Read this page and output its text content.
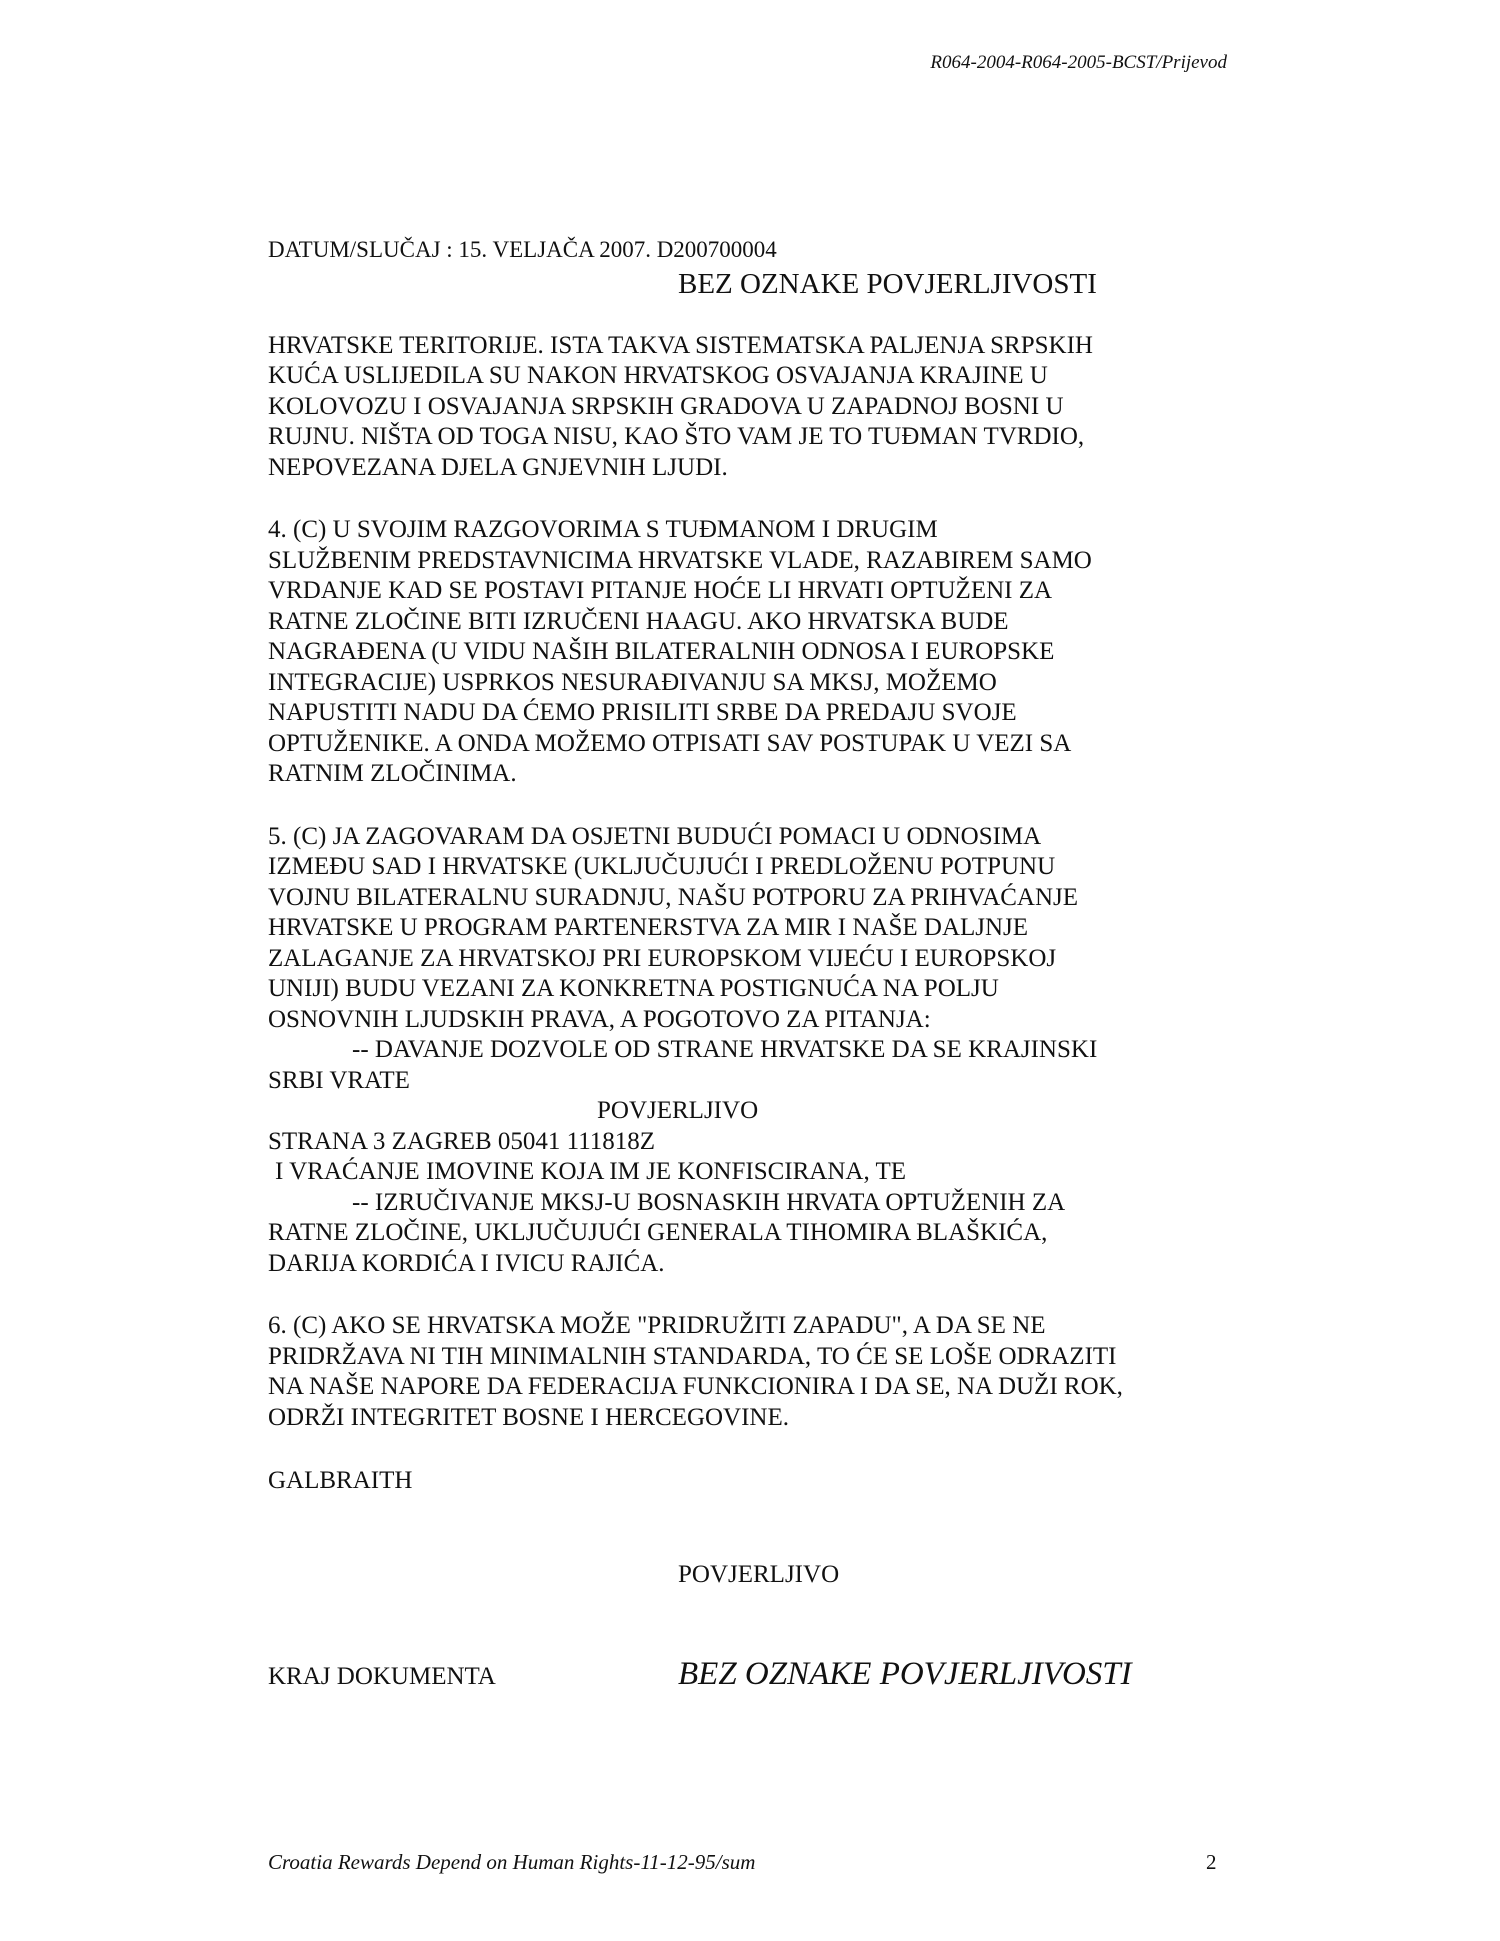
R064-2004-R064-2005-BCST/Prijevod
DATUM/SLUČAJ : 15. VELJAČA 2007. D200700004
BEZ OZNAKE POVJERLJIVOSTI
HRVATSKE TERITORIJE. ISTA TAKVA SISTEMATSKA PALJENJA SRPSKIH
KUĆA USLIJEDILA SU NAKON HRVATSKOG OSVAJANJA KRAJINE U
KOLOVOZU I OSVAJANJA SRPSKIH GRADOVA U ZAPADNOJ BOSNI U
RUJNU. NIŠTA OD TOGA NISU, KAO ŠTO VAM JE TO TUĐMAN TVRDIO,
NEPOVEZANA DJELA GNJEVNIH LJUDI.
4. (C) U SVOJIM RAZGOVORIMA S TUĐMANOM I DRUGIM
SLUŽBENIM PREDSTAVNICIMA HRVATSKE VLADE, RAZABIREM SAMO
VRDANJE KAD SE POSTAVI PITANJE HOĆE LI HRVATI OPTUŽENI ZA
RATNE ZLOČINE BITI IZRUČENI HAAGU. AKO HRVATSKA BUDE
NAGRAĐENA (U VIDU NAŠIH BILATERALNIH ODNOSA I EUROPSKE
INTEGRACIJE) USPRKOS NESURAĐIVANJU SA MKSJ, MOŽEMO
NAPUSTITI NADU DA ĆEMO PRISILITI SRBE DA PREDAJU SVOJE
OPTUŽENIKE. A ONDA MOŽEMO OTPISATI SAV POSTUPAK U VEZI SA
RATNIM ZLOČINIMA.
5. (C) JA ZAGOVARAM DA OSJETNI BUDUĆI POMACI U ODNOSIMA
IZMEĐU SAD I HRVATSKE (UKLJUČUJUĆI I PREDLOŽENU POTPUNU
VOJNU BILATERALNU SURADNJU, NAŠU POTPORU ZA PRIHVAĆANJE
HRVATSKE U PROGRAM PARTENERSTVA ZA MIR I NAŠE DALJNJE
ZALAGANJE ZA HRVATSKOJ PRI EUROPSKOM VIJEĆU I EUROPSKOJ
UNIJI) BUDU VEZANI ZA KONKRETNA POSTIGNUĆA NA POLJU
OSNOVNIH LJUDSKIH PRAVA, A POGOTOVO ZA PITANJA:
-- DAVANJE DOZVOLE OD STRANE HRVATSKE DA SE KRAJINSKI
SRBI VRATE
POVJERLJIVO
STRANA 3 ZAGREB 05041 111818Z
I VRAĆANJE IMOVINE KOJA IM JE KONFISCIRANA, TE
-- IZRUČIVANJE MKSJ-U BOSNASKIH HRVATA OPTUŽENIH ZA
RATNE ZLOČINE, UKLJUČUJUĆI GENERALA TIHOMIRA BLAŠKIĆA,
DARIJA KORDIĆA I IVICU RAJIĆA.
6. (C) AKO SE HRVATSKA MOŽE "PRIDRUŽITI ZAPADU", A DA SE NE
PRIDRŽAVA NI TIH MINIMALNIH STANDARDA, TO ĆE SE LOŠE ODRAZITI
NA NAŠE NAPORE DA FEDERACIJA FUNKCIONIRA I DA SE, NA DUŽI ROK,
ODRŽI INTEGRITET BOSNE I HERCEGOVINE.
GALBRAITH
POVJERLJIVO
KRAJ DOKUMENTA	BEZ OZNAKE POVJERLJIVOSTI
Croatia Rewards Depend on Human Rights-11-12-95/sum	2
